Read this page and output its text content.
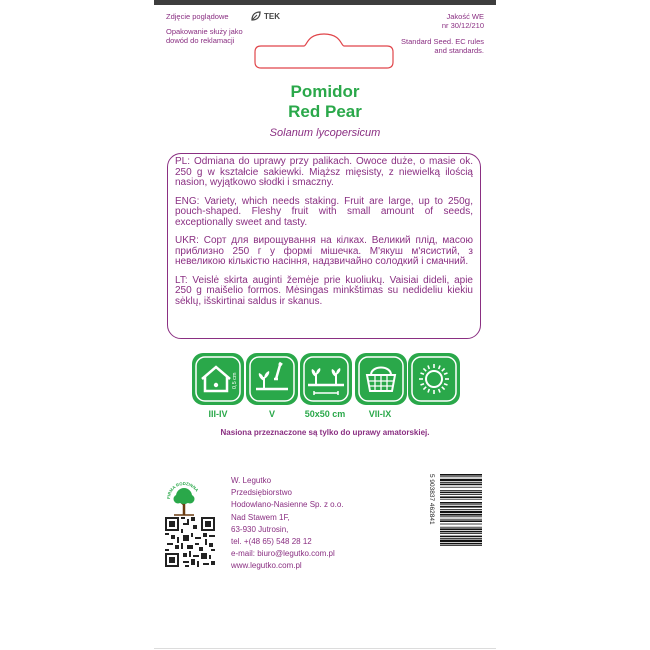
Zdjęcie poglądowe	TEK
Opakowanie służy jako dowód do reklamacji
Jakość WE
nr 30/12/210
Standard Seed. EC rules and standards.
Pomidor
Red Pear
Solanum lycopersicum

PL: Odmiana do uprawy przy palikach. Owoce duże, o masie ok. 250 g w kształcie sakiewki. Miąższ mięsisty, z niewielką ilością nasion, wyjątkowo słodki i smaczny.

ENG: Variety, which needs staking. Fruit are large, up to 250g, pouch-shaped. Fleshy fruit with small amount of seeds, exceptionally sweet and tasty.

UKR: Сорт для вирощування на кілках. Великий плід, масою приблизно 250 г у формі мішечка. М'якуш м'ясистий, з невеликою кількістю насіння, надзвичайно солодкий і смачний.

LT: Veislė skirta auginti žemėje prie kuoliukų. Vaisiai dideli, apie 250 g maišelio formos. Mėsingas minkštimas su nedideliu kiekiu sėklų, išskirtinai saldus ir skanus.

0,5 cm
III-IV	V	50x50 cm	VII-IX
Nasiona przeznaczone są tylko do uprawy amatorskiej.
FIRMA RODZINNA
W. Legutko
Przedsiębiorstwo
Hodowlano-Nasienne Sp. z o.o.
Nad Stawem 1F,
63-930 Jutrosin,
tel. +(48 65) 548 28 12
e-mail: biuro@legutko.com.pl
www.legutko.com.pl
5 903837 462841
